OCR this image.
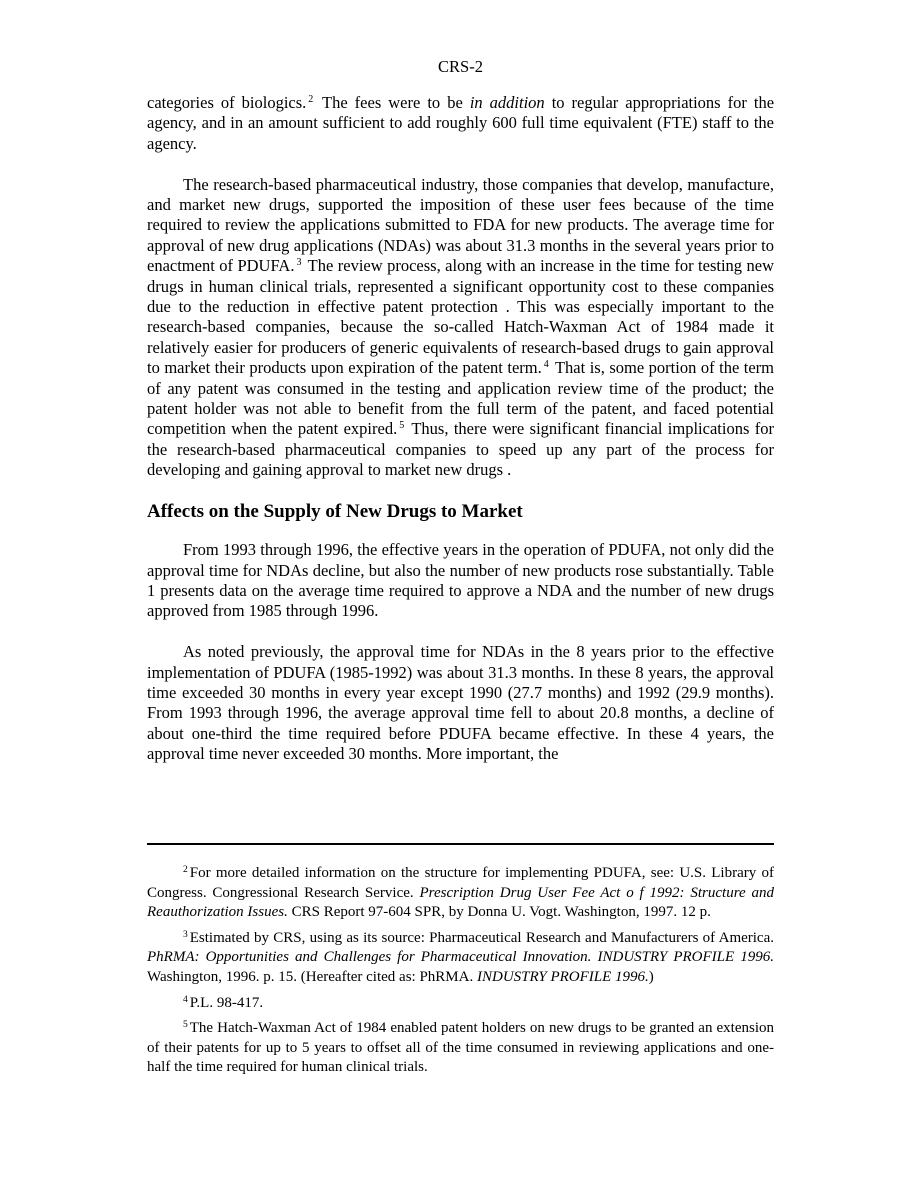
CRS-2

categories of biologics. $^2$ The fees were to be in addition to regular appropriations for the agency, and in an amount sufficient to add roughly 600 full time equivalent (FTE) staff to the agency.

The research-based pharmaceutical industry, those companies that develop, manufacture, and market new drugs, supported the imposition of these user fees because of the time required to review the applications submitted to FDA for new products. The average time for approval of new drug applications (NDAs) was about 31.3 months in the several years prior to enactment of PDUFA. $^3$ The review process, along with an increase in the time for testing new drugs in human clinical trials, represented a significant opportunity cost to these companies due to the reduction in effective patent protection . This was especially important to the research-based companies, because the so-called Hatch-Waxman Act of 1984 made it relatively easier for producers of generic equivalents of research-based drugs to gain approval to market their products upon expiration of the patent term. $^4$ That is, some portion of the term of any patent was consumed in the testing and application review time of the product; the patent holder was not able to benefit from the full term of the patent, and faced potential competition when the patent expired. $^5$ Thus, there were significant financial implications for the research-based pharmaceutical companies to speed up any part of the process for developing and gaining approval to market new drugs .

Affects on the Supply of New Drugs to Market

From 1993 through 1996, the effective years in the operation of PDUFA, not only did the approval time for NDAs decline, but also the number of new products rose substantially. Table 1 presents data on the average time required to approve a NDA and the number of new drugs approved from 1985 through 1996.

As noted previously, the approval time for NDAs in the 8 years prior to the effective implementation of PDUFA (1985-1992) was about 31.3 months. In these 8 years, the approval time exceeded 30 months in every year except 1990 (27.7 months) and 1992 (29.9 months). From 1993 through 1996, the average approval time fell to about 20.8 months, a decline of about one-third the time required before PDUFA became effective. In these 4 years, the approval time never exceeded 30 months. More important, the

$^2$ For more detailed information on the structure for implementing PDUFA, see: U.S. Library of Congress. Congressional Research Service. Prescription Drug User Fee Act o f 1992: Structure and Reauthorization Issues. CRS Report 97-604 SPR, by Donna U. Vogt. Washington, 1997. 12 p.

$^3$ Estimated by CRS, using as its source: Pharmaceutical Research and Manufacturers of America. PhRMA: Opportunities and Challenges for Pharmaceutical Innovation. INDUSTRY PROFILE 1996. Washington, 1996. p. 15. (Hereafter cited as: PhRMA. INDUSTRY PROFILE 1996.)

$^4$ P.L. 98-417.

$^5$ The Hatch-Waxman Act of 1984 enabled patent holders on new drugs to be granted an extension of their patents for up to 5 years to offset all of the time consumed in reviewing applications and one-half the time required for human clinical trials.
